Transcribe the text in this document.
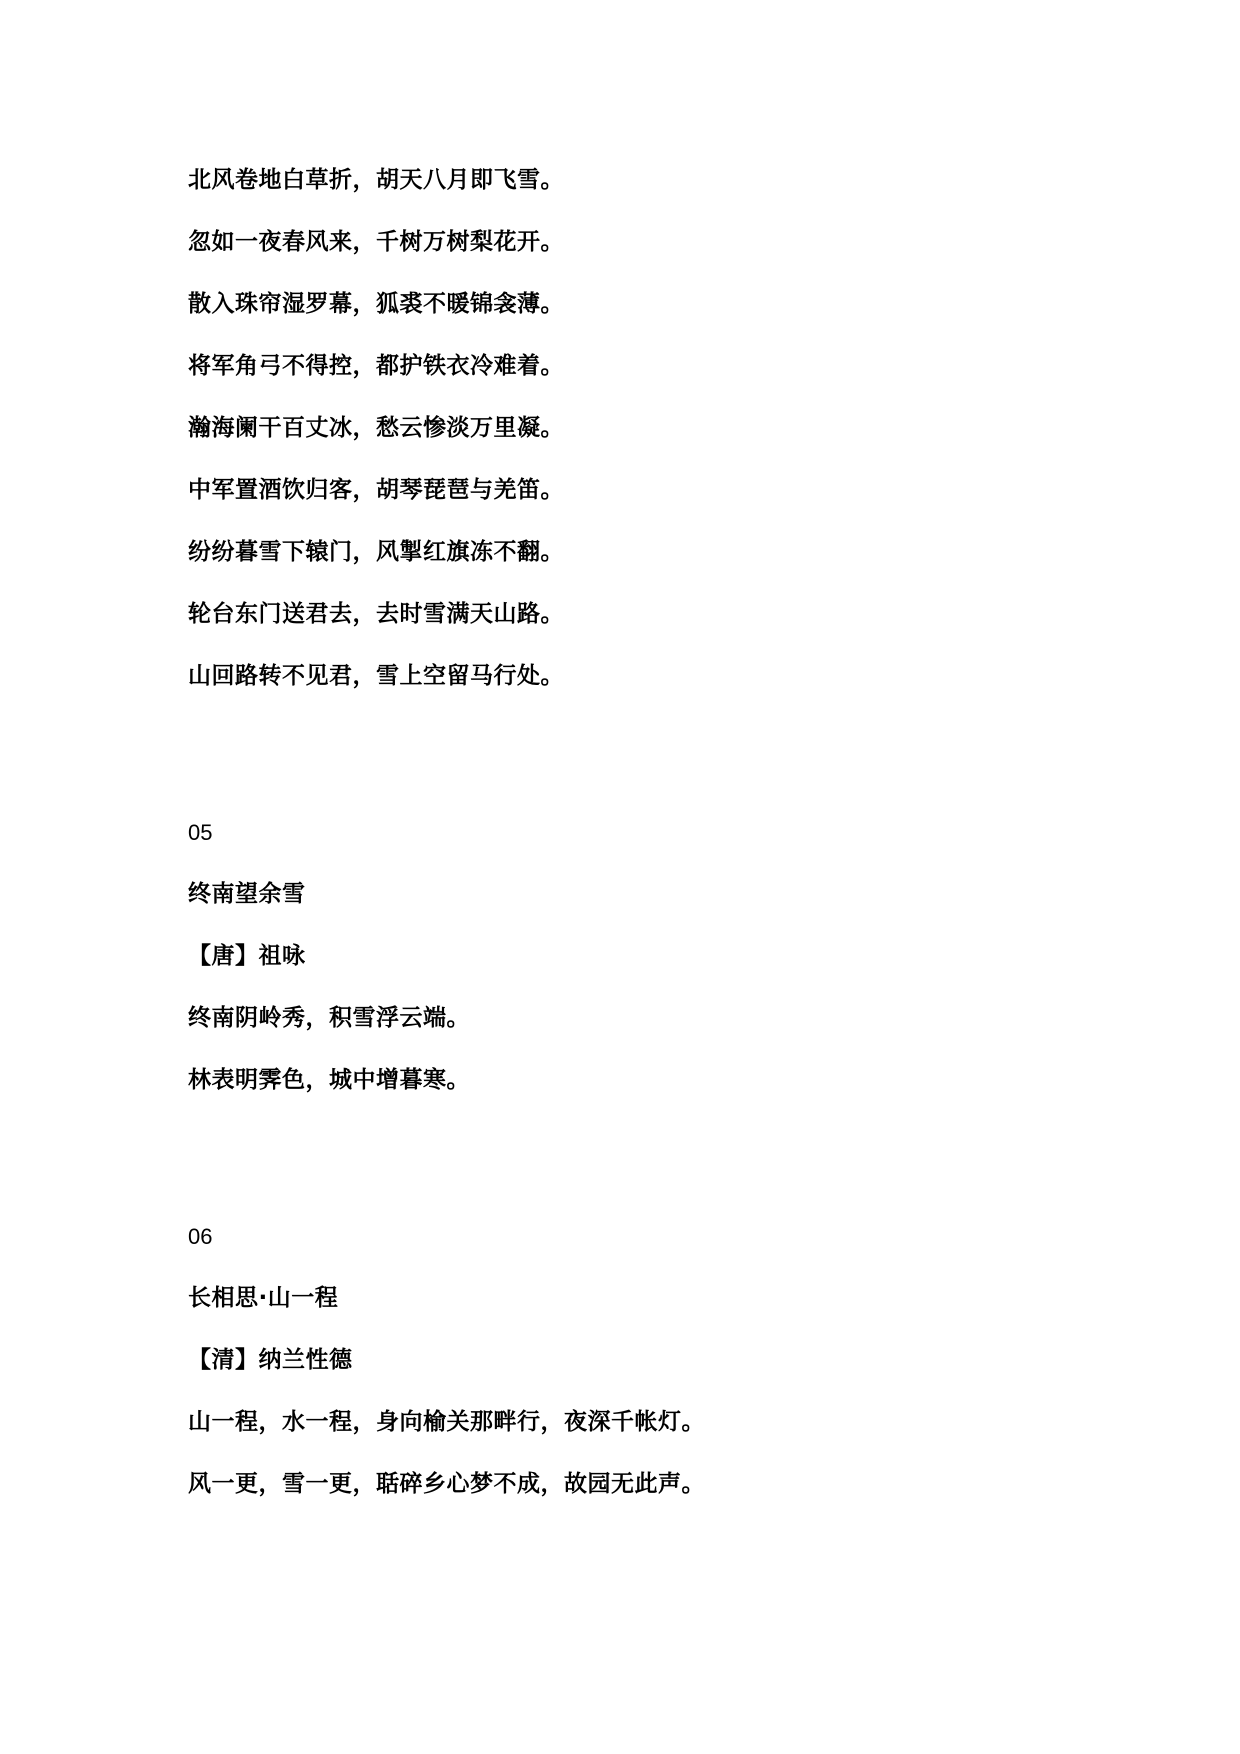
北风卷地白草折，胡天八月即飞雪。
忽如一夜春风来，千树万树梨花开。
散入珠帘湿罗幕，狐裘不暖锦衾薄。
将军角弓不得控，都护铁衣冷难着。
瀚海阑干百丈冰，愁云惨淡万里凝。
中军置酒饮归客，胡琴琵琶与羌笛。
纷纷暮雪下辕门，风掣红旗冻不翻。
轮台东门送君去，去时雪满天山路。
山回路转不见君，雪上空留马行处。
05
终南望余雪
【唐】祖咏
终南阴岭秀，积雪浮云端。
林表明霁色，城中增暮寒。
06
长相思·山一程
【清】纳兰性德
山一程，水一程，身向榆关那畔行，夜深千帐灯。
风一更，雪一更，聒碎乡心梦不成，故园无此声。
